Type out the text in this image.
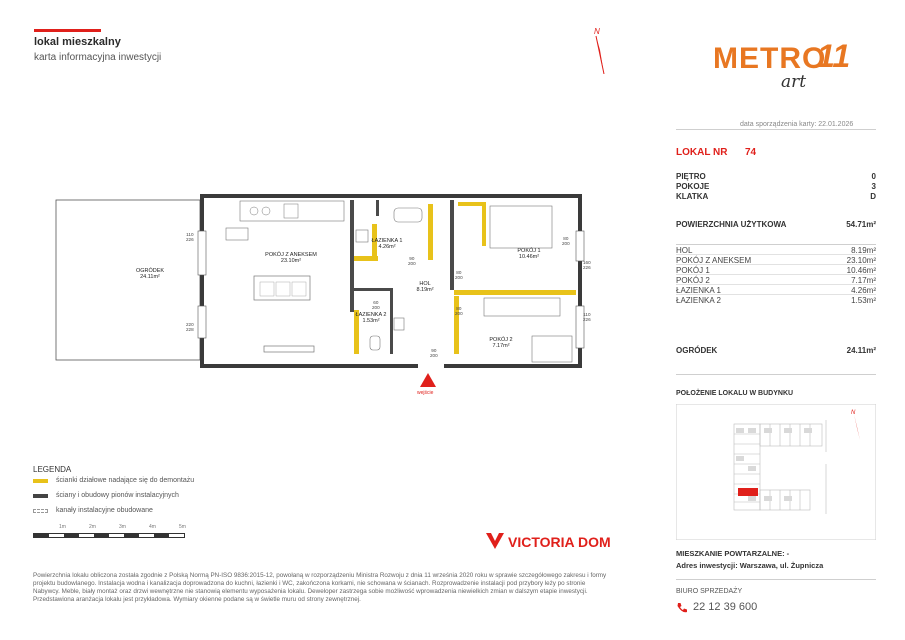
lokal mieszkalny
karta informacyjna inwestycji
N
METRO
11
art
data sporządzenia karty: 22.01.2026
LOKAL NR 74
PIĘTRO	0
POKOJE	3
KLATKA	D
POWIERZCHNIA UŻYTKOWA	54.71m²
HOL	8.19m²
POKÓJ Z ANEKSEM	23.10m²
POKÓJ 1	10.46m²
POKÓJ 2	7.17m²
ŁAZIENKA 1	4.26m²
ŁAZIENKA 2	1.53m²
OGRÓDEK	24.11m²
POŁOŻENIE LOKALU W BUDYNKU
N
MIESZKANIE POWTARZALNE: -
Adres inwestycji: Warszawa, ul. Żupnicza
BIURO SPRZEDAŻY
22 12 39 600
OGRÓDEK
24.11m²
POKÓJ Z ANEKSEM
23.10m²
ŁAZIENKA 1
4.26m²
POKÓJ 1
10.46m²
HOL
8.19m²
ŁAZIENKA 2
1.53m²
POKÓJ 2
7.17m²
wejście
110
226
220
228
160
226
110
226
90
200
80
200
80
200
80
200
60
200
90
200
LEGENDA
ścianki działowe nadające się do demontażu
ściany i obudowy pionów instalacyjnych
kanały instalacyjne obudowane
1m	2m	3m	4m	5m
VICTORIA DOM
Powierzchnia lokalu obliczona została zgodnie z Polską Normą PN-ISO 9836:2015-12, powołaną w rozporządzeniu Ministra Rozwoju z dnia 11 września 2020 roku w sprawie szczegółowego zakresu i formy projektu budowlanego. Instalacja wodna i kanalizacja doprowadzona do kuchni, łazienki i WC, zakończona korkami, nie schowana w ścianach. Rozprowadzenie instalacji pod przybory leży po stronie Nabywcy. Meble, biały montaż oraz drzwi wewnętrzne nie stanowią elementu wyposażenia lokalu. Deweloper zastrzega sobie możliwość wprowadzenia niewielkich zmian w dalszym etapie inwestycji. Przedstawiona aranżacja lokalu jest przykładowa. Wymiary okienne podane są w świetle muru od strony zewnętrznej.
